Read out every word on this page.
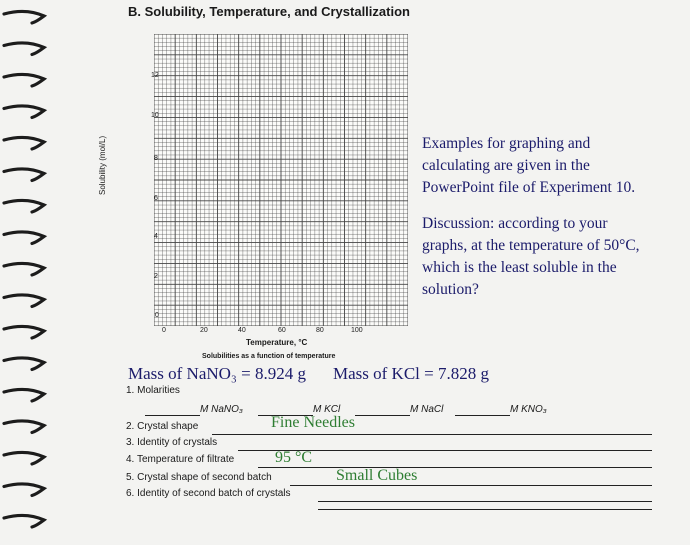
B. Solubility, Temperature, and Crystallization

12
10
8
6
4
2
0
0	20	40	60	80	100
Solubility (mol/L)
Temperature, °C
Solubilities as a function of temperature
Examples for graphing and
calculating are given in the
PowerPoint file of Experiment 10.
Discussion: according to your
graphs, at the temperature of 50°C,
which is the least soluble in the
solution?
Mass of NaNO₃ = 8.924 g Mass of KCl = 7.828 g
1. Molarities
M NaNO₃	M KCl	M NaCl	M KNO₃
2. Crystal shape	Fine Needles
3. Identity of crystals
4. Temperature of filtrate	95 °C
5. Crystal shape of second batch	Small Cubes
6. Identity of second batch of crystals
